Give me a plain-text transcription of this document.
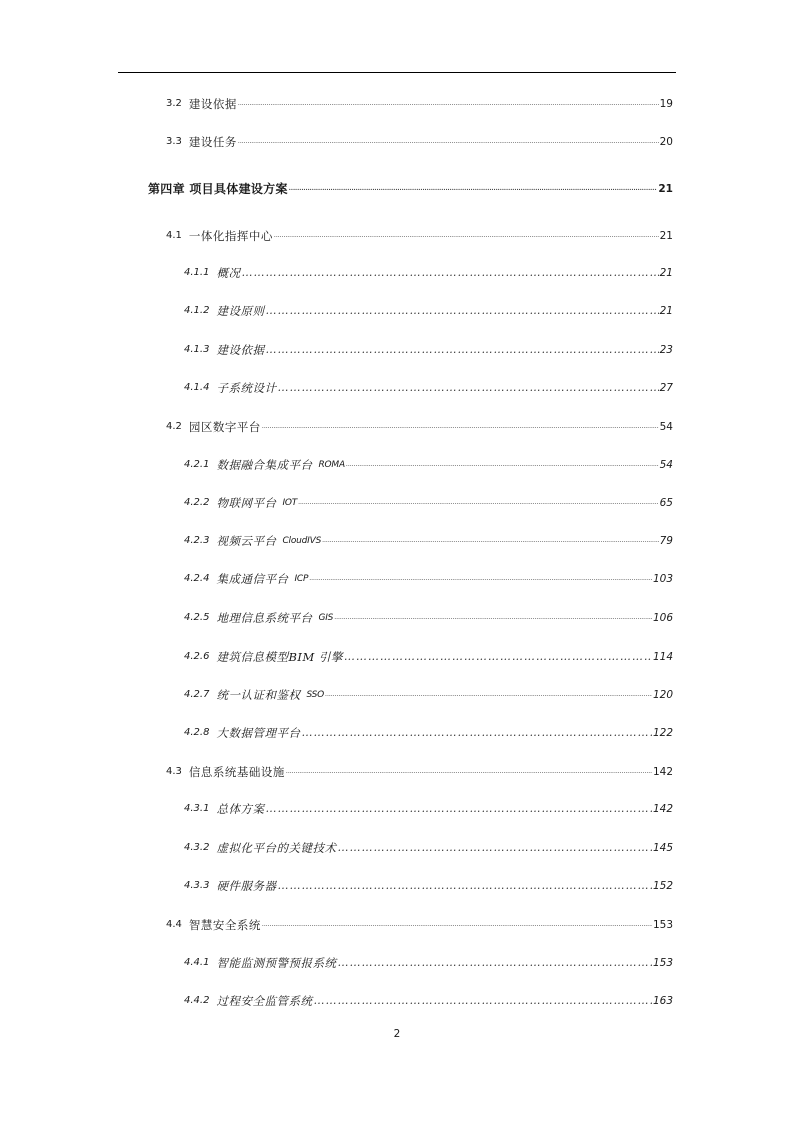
3.2 建设依据 .....	19
3.3 建设任务 .....	20
第四章 项目具体建设方案 .....	21
4.1 一体化指挥中心 .....	21
4.1.1 概况 …………………………………………………………………………………………………………………………………………………	21
4.1.2 建设原则 …………………………………………………………………………………………………………………………………………………	21
4.1.3 建设依据 …………………………………………………………………………………………………………………………………………………	23
4.1.4 子系统设计 …………………………………………………………………………………………………………………………………………………	27
4.2 园区数字平台 .....	54
4.2.1 数据融合集成平台 ROMA .....	54
4.2.2 物联网平台 IOT .....	65
4.2.3 视频云平台 CloudIVS .....	79
4.2.4 集成通信平台 ICP .....	103
4.2.5 地理信息系统平台 GIS .....	106
4.2.6 建筑信息模型BIM 引擎 …………………………………………………………………………………………………………………………………………………	114
4.2.7 统一认证和鉴权 SSO .....	120
4.2.8 大数据管理平台 …………………………………………………………………………………………………………………………………………………	122
4.3 信息系统基础设施 .....	142
4.3.1 总体方案 …………………………………………………………………………………………………………………………………………………	142
4.3.2 虚拟化平台的关键技术 …………………………………………………………………………………………………………………………………………………	145
4.3.3 硬件服务器 …………………………………………………………………………………………………………………………………………………	152
4.4 智慧安全系统 .....	153
4.4.1 智能监测预警预报系统 …………………………………………………………………………………………………………………………………………………	153
4.4.2 过程安全监管系统 …………………………………………………………………………………………………………………………………………………	163
2
